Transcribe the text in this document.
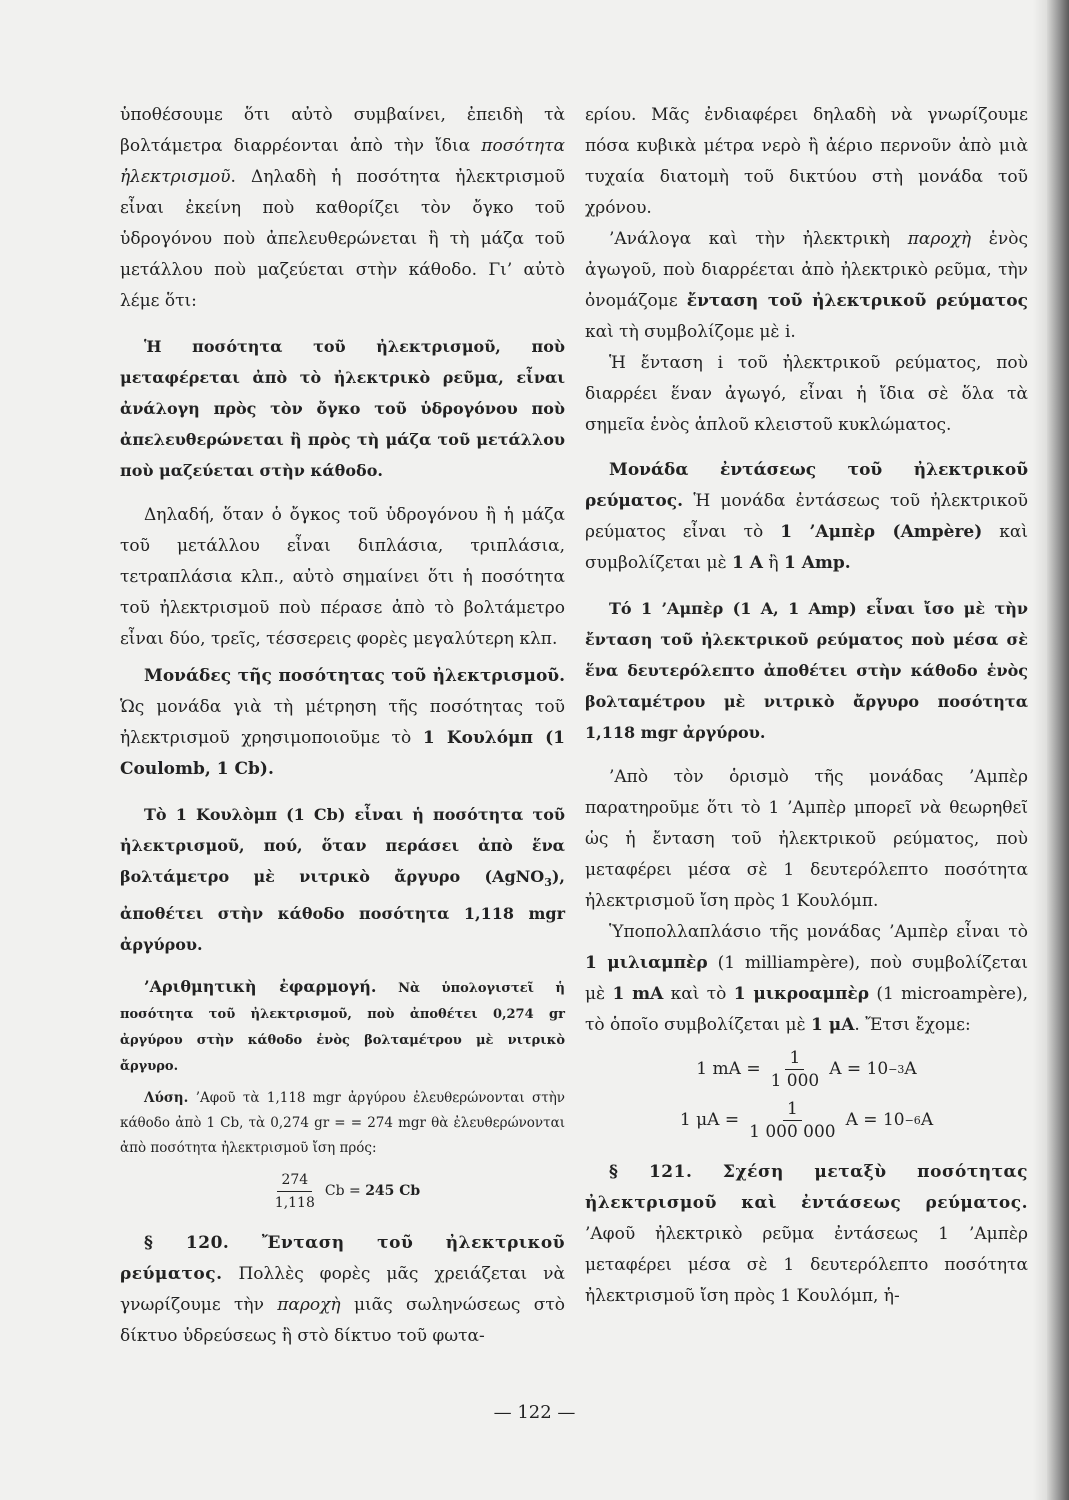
ὑποθέσουμε ὅτι αὐτὸ συμβαίνει, ἐπειδὴ τὰ βολτάμετρα διαρρέονται ἀπὸ τὴν ἴδια ποσότητα ἠλεκτρισμοῦ. Δηλαδὴ ἡ ποσότητα ἠλεκτρισμοῦ εἶναι ἐκείνη ποὺ καθορίζει τὸν ὄγκο τοῦ ὑδρογόνου ποὺ ἀπελευθερώνεται ἢ τὴ μάζα τοῦ μετάλλου ποὺ μαζεύεται στὴν κάθοδο. Γι’ αὐτὸ λέμε ὅτι:

Ἡ ποσότητα τοῦ ἠλεκτρισμοῦ, ποὺ μεταφέρεται ἀπὸ τὸ ἠλεκτρικὸ ρεῦμα, εἶναι ἀνάλογη πρὸς τὸν ὄγκο τοῦ ὑδρογόνου ποὺ ἀπελευθερώνεται ἢ πρὸς τὴ μάζα τοῦ μετάλλου ποὺ μαζεύεται στὴν κάθοδο.

Δηλαδή, ὅταν ὁ ὄγκος τοῦ ὑδρογόνου ἢ ἡ μάζα τοῦ μετάλλου εἶναι διπλάσια, τριπλάσια, τετραπλάσια κλπ., αὐτὸ σημαίνει ὅτι ἡ ποσότητα τοῦ ἠλεκτρισμοῦ ποὺ πέρασε ἀπὸ τὸ βολτάμετρο εἶναι δύο, τρεῖς, τέσσερεις φορὲς μεγαλύτερη κλπ.

Μονάδες τῆς ποσότητας τοῦ ἠλεκτρισμοῦ. Ὡς μονάδα γιὰ τὴ μέτρηση τῆς ποσότητας τοῦ ἠλεκτρισμοῦ χρησιμοποιοῦμε τὸ 1 Κουλόμπ (1 Coulomb, 1 Cb).

Τὸ 1 Κουλὸμπ (1 Cb) εἶναι ἡ ποσότητα τοῦ ἠλεκτρισμοῦ, πού, ὅταν περάσει ἀπὸ ἕνα βολτάμετρο μὲ νιτρικὸ ἄργυρο (AgNO$_3$), ἀποθέτει στὴν κάθοδο ποσότητα 1,118 mgr ἀργύρου.

’Αριθμητικὴ ἐφαρμογή. Νὰ ὑπολογιστεῖ ἡ ποσότητα τοῦ ἠλεκτρισμοῦ, ποὺ ἀποθέτει 0,274 gr ἀργύρου στὴν κάθοδο ἑνὸς βολταμέτρου μὲ νιτρικὸ ἄργυρο.

Λύση. ’Αφοῦ τὰ 1,118 mgr ἀργύρου ἐλευθερώνονται στὴν κάθοδο ἀπὸ 1 Cb, τὰ 0,274 gr = = 274 mgr θὰ ἐλευθερώνονται ἀπὸ ποσότητα ἠλεκτρισμοῦ ἴση πρός:

$\frac{274}{1,118}$ Cb =
245 Cb

§ 120. Ἔνταση τοῦ ἠλεκτρικοῦ ρεύματος. Πολλὲς φορὲς μᾶς χρειάζεται νὰ γνωρίζουμε τὴν παροχὴ μιᾶς σωληνώσεως στὸ δίκτυο ὑδρεύσεως ἢ στὸ δίκτυο τοῦ φωτα-

ερίου. Μᾶς ἐνδιαφέρει δηλαδὴ νὰ γνωρίζουμε πόσα κυβικὰ μέτρα νερὸ ἢ ἀέριο περνοῦν ἀπὸ μιὰ τυχαία διατομὴ τοῦ δικτύου στὴ μονάδα τοῦ χρόνου.

’Ανάλογα καὶ τὴν ἠλεκτρικὴ παροχὴ ἑνὸς ἀγωγοῦ, ποὺ διαρρέεται ἀπὸ ἠλεκτρικὸ ρεῦμα, τὴν ὀνομάζομε ἔνταση τοῦ ἠλεκτρικοῦ ρεύματος καὶ τὴ συμβολίζομε μὲ i.

Ἡ ἔνταση i τοῦ ἠλεκτρικοῦ ρεύματος, ποὺ διαρρέει ἕναν ἀγωγό, εἶναι ἡ ἴδια σὲ ὅλα τὰ σημεῖα ἑνὸς ἁπλοῦ κλειστοῦ κυκλώματος.

Μονάδα ἐντάσεως τοῦ ἠλεκτρικοῦ ρεύματος. Ἡ μονάδα ἐντάσεως τοῦ ἠλεκτρικοῦ ρεύματος εἶναι τὸ 1 ’Αμπὲρ (Ampère) καὶ συμβολίζεται μὲ 1 A ἢ 1 Amp.

Τό 1 ’Αμπὲρ (1 A, 1 Amp) εἶναι ἴσο μὲ τὴν ἔνταση τοῦ ἠλεκτρικοῦ ρεύματος ποὺ μέσα σὲ ἕνα δευτερόλεπτο ἀποθέτει στὴν κάθοδο ἑνὸς βολταμέτρου μὲ νιτρικὸ ἄργυρο ποσότητα 1,118 mgr ἀργύρου.

’Απὸ τὸν ὁρισμὸ τῆς μονάδας ’Αμπὲρ παρατηροῦμε ὅτι τὸ 1 ’Αμπὲρ μπορεῖ νὰ θεωρηθεῖ ὡς ἡ ἔνταση τοῦ ἠλεκτρικοῦ ρεύματος, ποὺ μεταφέρει μέσα σὲ 1 δευτερόλεπτο ποσότητα ἠλεκτρισμοῦ ἴση πρὸς 1 Κουλόμπ.

Ὑποπολλαπλάσιο τῆς μονάδας ’Αμπὲρ εἶναι τὸ 1 μιλιαμπὲρ (1 milliampère), ποὺ συμβολίζεται μὲ 1 mA καὶ τὸ 1 μικροαμπὲρ (1 microampère), τὸ ὁποῖο συμβολίζεται μὲ 1 μA. Ἔτσι ἔχομε:

1 mA = $\frac{1}{1 000}$ A = 10 −3 A
1 $\mu A = \frac{1}{1 000 000}$ A = 10 −6 A

§ 121. Σχέση μεταξὺ ποσότητας ἠλεκτρισμοῦ καὶ ἐντάσεως ρεύματος. ’Αφοῦ ἠλεκτρικὸ ρεῦμα ἐντάσεως 1 ’Αμπὲρ μεταφέρει μέσα σὲ 1 δευτερόλεπτο ποσότητα ἠλεκτρισμοῦ ἴση πρὸς 1 Κουλόμπ, ἡ-

— 122 —
